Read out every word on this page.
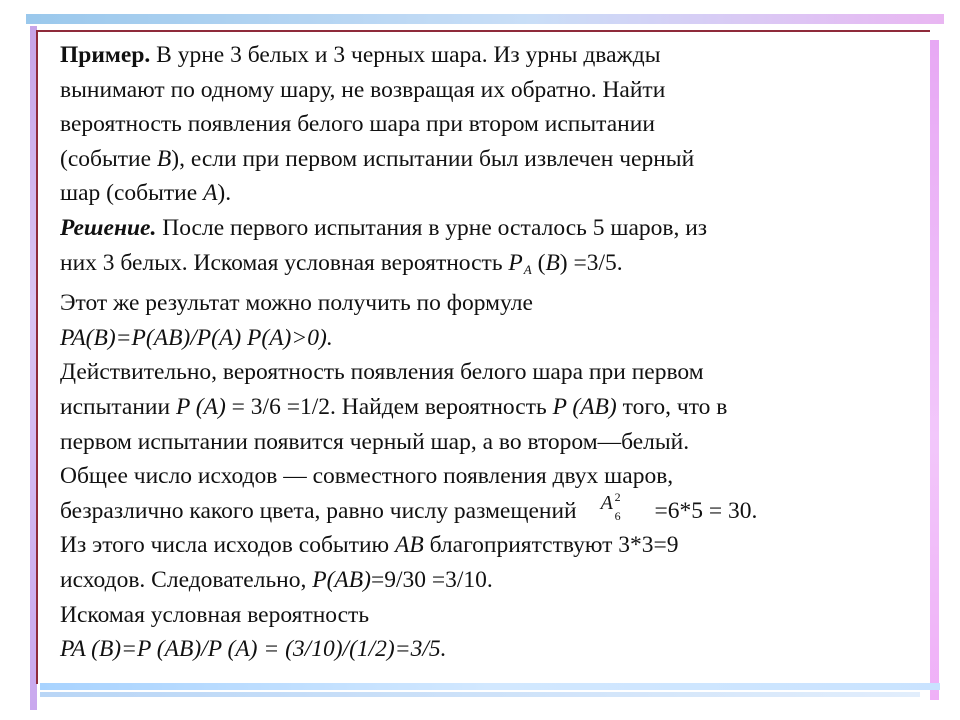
Пример. В урне 3 белых и 3 черных шара. Из урны дважды
вынимают по одному шару, не возвращая их обратно. Найти
вероятность появления белого шара при втором испытании
(событие B), если при первом испытании был извлечен черный
шар (событие A).
Решение. После первого испытания в урне осталось 5 шаров, из
них 3 белых. Искомая условная вероятность $P_A$ (B) =3/5.
Этот же результат можно получить по формуле
PA(B)=P(AB)/P(A) P(A)>0).
Действительно, вероятность появления белого шара при первом
испытании P (A) = 3/6 =1/2. Найдем вероятность P (AB) того, что в
первом испытании появится черный шар, а во втором—белый.
Общее число исходов — совместного появления двух шаров,
безразлично какого цвета, равно числу размещений A 2
6 =6*5 = 30.
Из этого числа исходов событию AB благоприятствуют 3*3=9
исходов. Следовательно, P(AB)=9/30 =3/10.
Искомая условная вероятность
PA (B)=P (AB)/P (A) = (3/10)/(1/2)=3/5.
